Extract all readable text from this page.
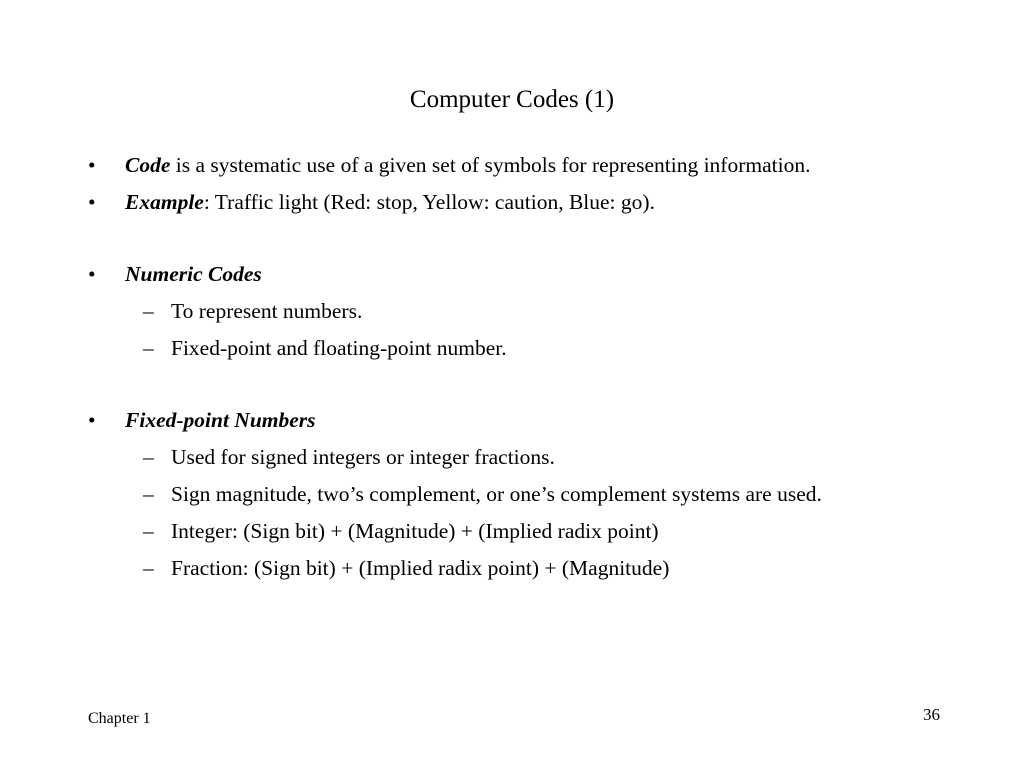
Computer Codes (1)
• Code is a systematic use of a given set of symbols for representing information.
• Example: Traffic light (Red: stop, Yellow: caution, Blue: go).
• Numeric Codes
– To represent numbers.
– Fixed-point and floating-point number.
• Fixed-point Numbers
– Used for signed integers or integer fractions.
– Sign magnitude, two’s complement, or one’s complement systems are used.
– Integer: (Sign bit) + (Magnitude) + (Implied radix point)
– Fraction: (Sign bit) + (Implied radix point) + (Magnitude)
Chapter 1	36
